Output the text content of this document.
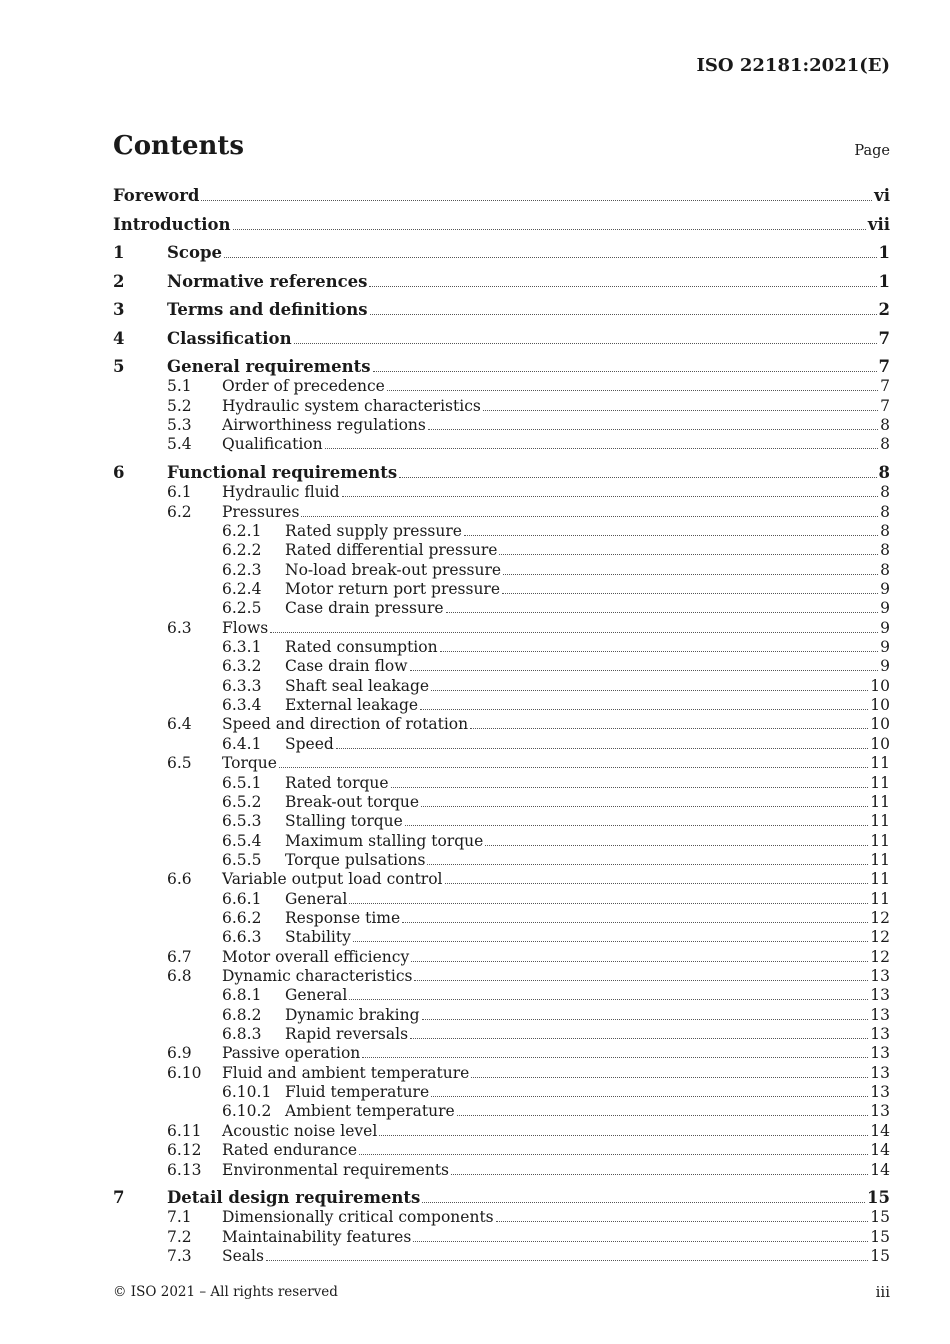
ISO 22181:2021(E)
Contents	Page
Foreword	vi
Introduction	vii
1	Scope	1
2	Normative references	1
3	Terms and definitions	2
4	Classification	7
5	General requirements	7
5.1 Order of precedence	7
5.2 Hydraulic system characteristics	7
5.3 Airworthiness regulations	8
5.4 Qualification	8
6	Functional requirements	8
6.1 Hydraulic fluid	8
6.2 Pressures	8
6.2.1 Rated supply pressure	8
6.2.2 Rated differential pressure	8
6.2.3 No-load break-out pressure	8
6.2.4 Motor return port pressure	9
6.2.5 Case drain pressure	9
6.3 Flows	9
6.3.1 Rated consumption	9
6.3.2 Case drain flow	9
6.3.3 Shaft seal leakage	10
6.3.4 External leakage	10
6.4 Speed and direction of rotation	10
6.4.1 Speed	10
6.5 Torque	11
6.5.1 Rated torque	11
6.5.2 Break-out torque	11
6.5.3 Stalling torque	11
6.5.4 Maximum stalling torque	11
6.5.5 Torque pulsations	11
6.6 Variable output load control	11
6.6.1 General	11
6.6.2 Response time	12
6.6.3 Stability	12
6.7 Motor overall efficiency	12
6.8 Dynamic characteristics	13
6.8.1 General	13
6.8.2 Dynamic braking	13
6.8.3 Rapid reversals	13
6.9 Passive operation	13
6.10 Fluid and ambient temperature	13
6.10.1 Fluid temperature	13
6.10.2 Ambient temperature	13
6.11 Acoustic noise level	14
6.12 Rated endurance	14
6.13 Environmental requirements	14
7	Detail design requirements	15
7.1 Dimensionally critical components	15
7.2 Maintainability features	15
7.3 Seals	15
© ISO 2021 – All rights reserved	iii
